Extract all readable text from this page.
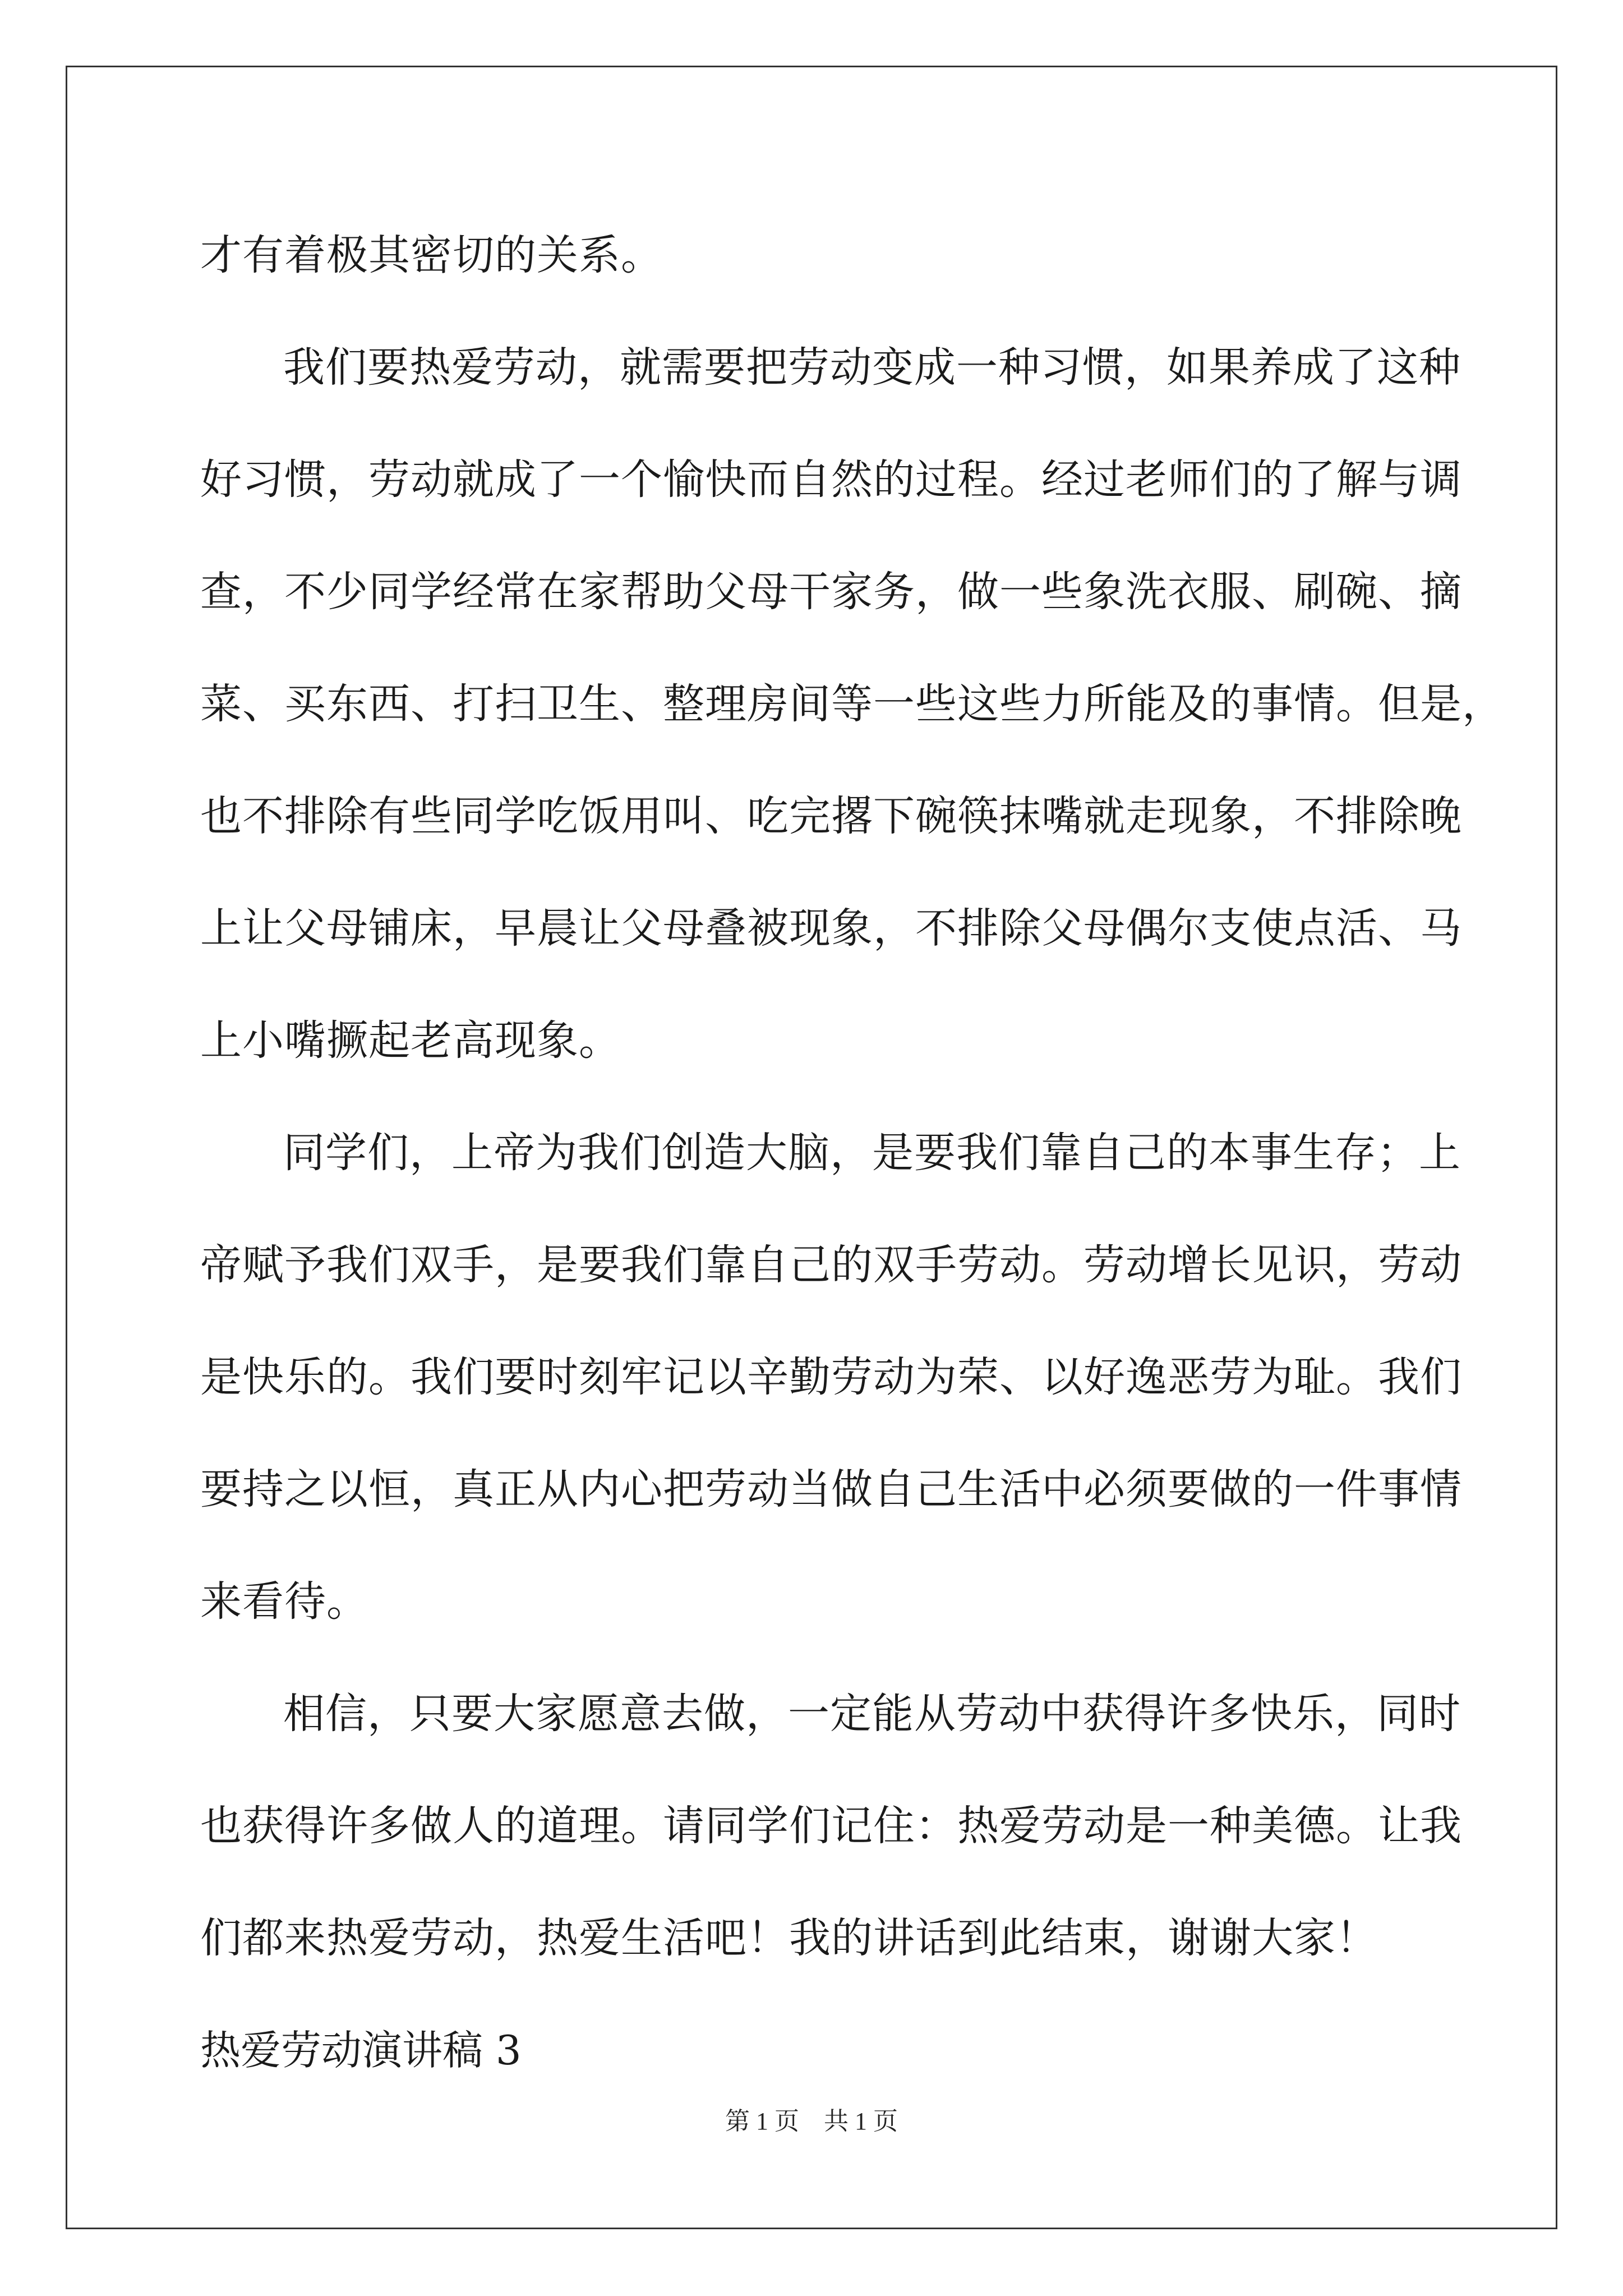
才有着极其密切的关系。
我们要热爱劳动，就需要把劳动变成一种习惯，如果养成了这种
好习惯，劳动就成了一个愉快而自然的过程。经过老师们的了解与调
查，不少同学经常在家帮助父母干家务，做一些象洗衣服、刷碗、摘
菜、买东西、打扫卫生、整理房间等一些这些力所能及的事情。但是，
也不排除有些同学吃饭用叫、吃完撂下碗筷抹嘴就走现象，不排除晚
上让父母铺床，早晨让父母叠被现象，不排除父母偶尔支使点活、马
上小嘴撅起老高现象。
同学们，上帝为我们创造大脑，是要我们靠自己的本事生存；上
帝赋予我们双手，是要我们靠自己的双手劳动。劳动增长见识，劳动
是快乐的。我们要时刻牢记以辛勤劳动为荣、以好逸恶劳为耻。我们
要持之以恒，真正从内心把劳动当做自己生活中必须要做的一件事情
来看待。
相信，只要大家愿意去做，一定能从劳动中获得许多快乐，同时
也获得许多做人的道理。请同学们记住：热爱劳动是一种美德。让我
们都来热爱劳动，热爱生活吧！我的讲话到此结束，谢谢大家！
热爱劳动演讲稿 3
第 1 页　共 1 页
